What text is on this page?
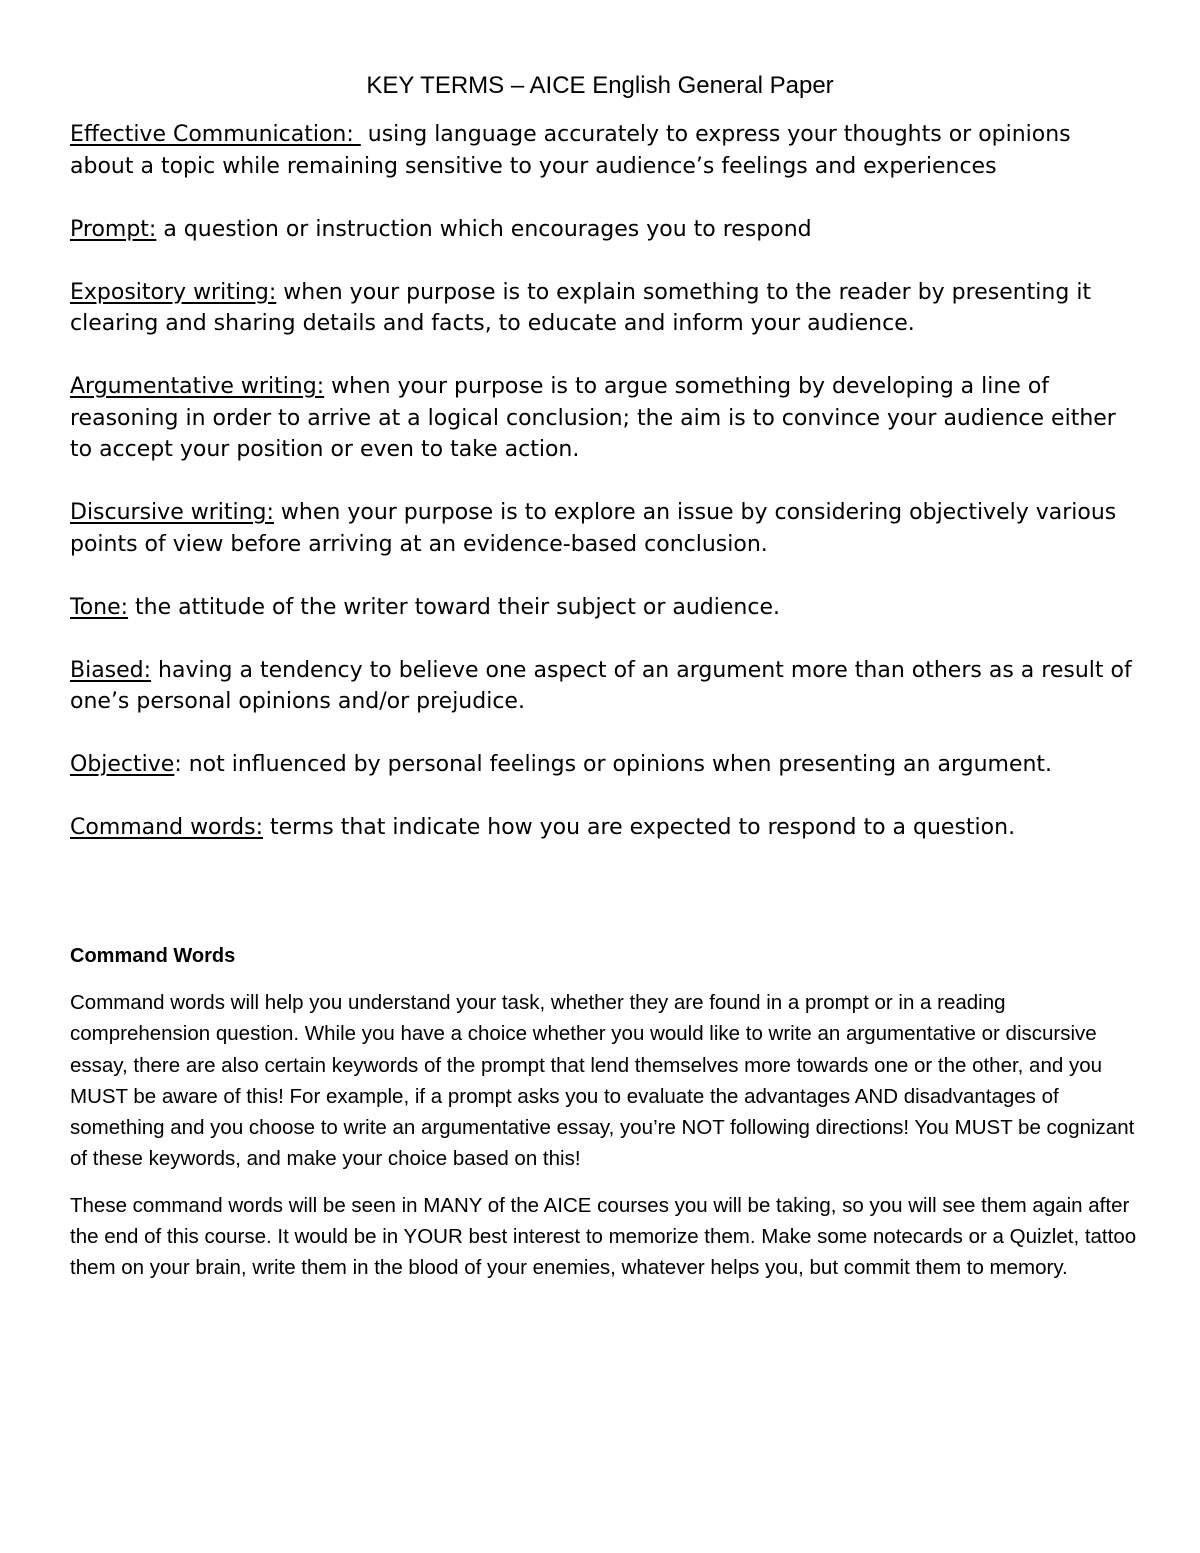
KEY TERMS – AICE English General Paper

Effective Communication:  using language accurately to express your thoughts or opinions about a topic while remaining sensitive to your audience’s feelings and experiences

Prompt: a question or instruction which encourages you to respond

Expository writing: when your purpose is to explain something to the reader by presenting it clearing and sharing details and facts, to educate and inform your audience.

Argumentative writing: when your purpose is to argue something by developing a line of reasoning in order to arrive at a logical conclusion; the aim is to convince your audience either to accept your position or even to take action.

Discursive writing: when your purpose is to explore an issue by considering objectively various points of view before arriving at an evidence-based conclusion.

Tone: the attitude of the writer toward their subject or audience.

Biased: having a tendency to believe one aspect of an argument more than others as a result of one’s personal opinions and/or prejudice.

Objective: not influenced by personal feelings or opinions when presenting an argument.

Command words: terms that indicate how you are expected to respond to a question.

Command Words

Command words will help you understand your task, whether they are found in a prompt or in a reading comprehension question. While you have a choice whether you would like to write an argumentative or discursive essay, there are also certain keywords of the prompt that lend themselves more towards one or the other, and you MUST be aware of this! For example, if a prompt asks you to evaluate the advantages AND disadvantages of something and you choose to write an argumentative essay, you’re NOT following directions! You MUST be cognizant of these keywords, and make your choice based on this!

These command words will be seen in MANY of the AICE courses you will be taking, so you will see them again after the end of this course. It would be in YOUR best interest to memorize them. Make some notecards or a Quizlet, tattoo them on your brain, write them in the blood of your enemies, whatever helps you, but commit them to memory.
